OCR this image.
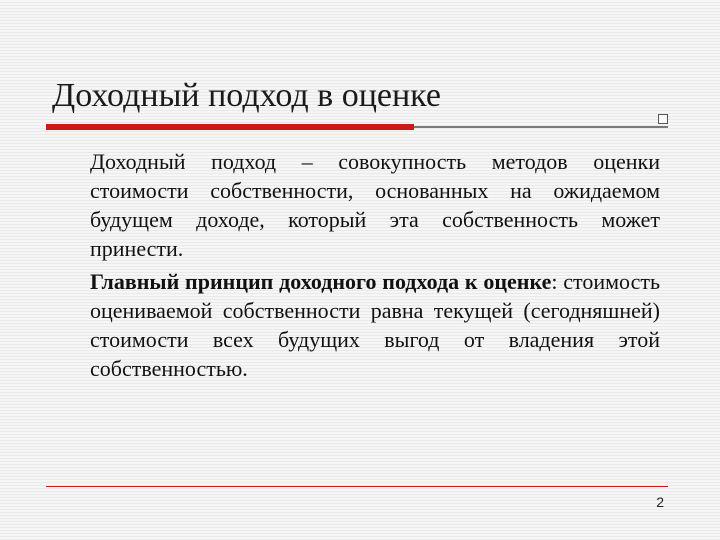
Доходный подход в оценке

Доходный подход – совокупность методов оценки стоимости собственности, основанных на ожидаемом будущем доходе, который эта собственность может принести.

Главный принцип доходного подхода к оценке: стоимость оцениваемой собственности равна текущей (сегодняшней) стоимости всех будущих выгод от владения этой собственностью.

2
